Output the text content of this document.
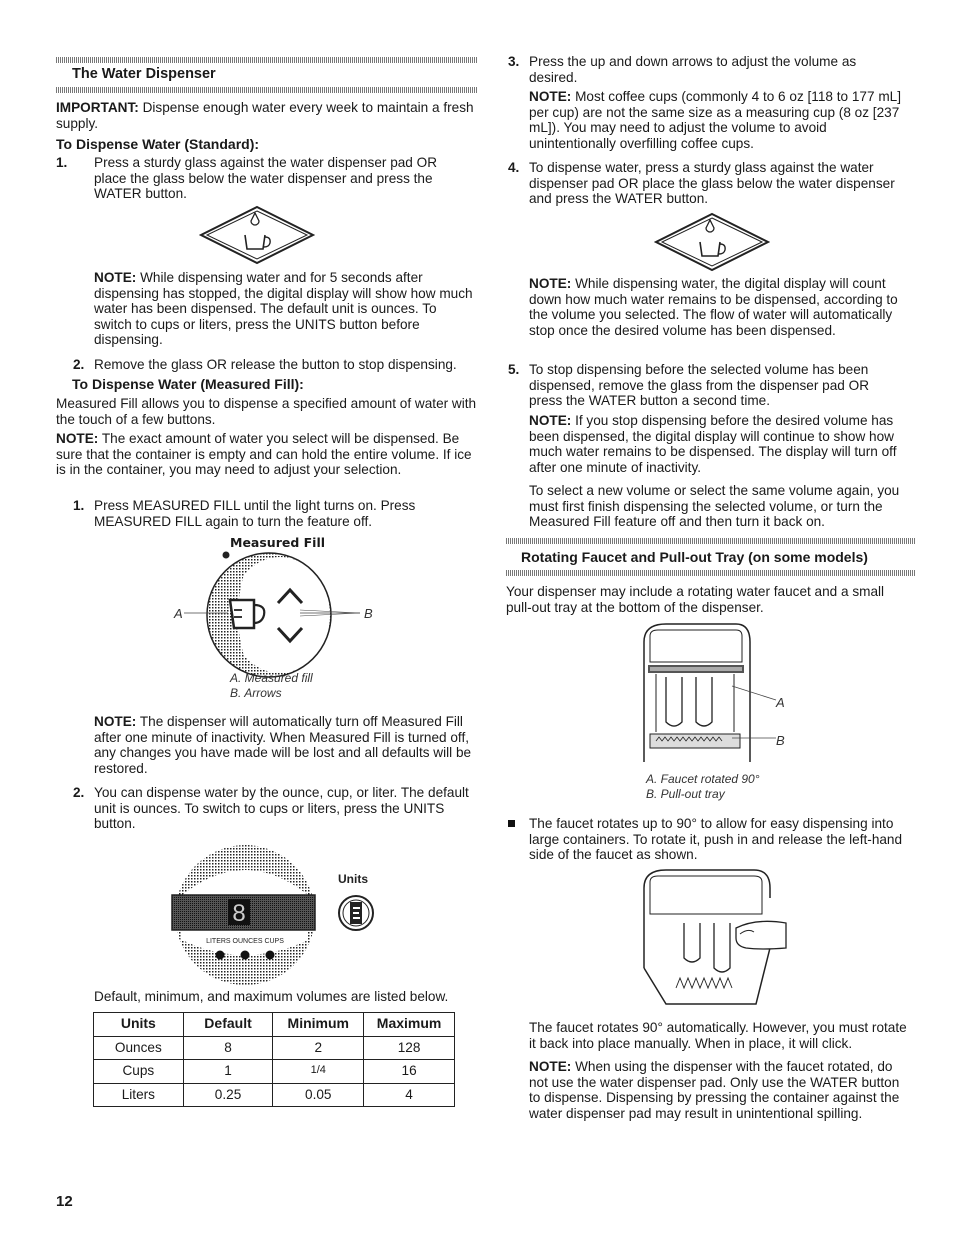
The Water Dispenser
IMPORTANT: Dispense enough water every week to maintain a fresh supply.
To Dispense Water (Standard):
1. Press a sturdy glass against the water dispenser pad OR place the glass below the water dispenser and press the WATER button.
NOTE: While dispensing water and for 5 seconds after dispensing has stopped, the digital display will show how much water has been dispensed. The default unit is ounces. To switch to cups or liters, press the UNITS button before dispensing.
2. Remove the glass OR release the button to stop dispensing.
To Dispense Water (Measured Fill):
Measured Fill allows you to dispense a specified amount of water with the touch of a few buttons.
NOTE: The exact amount of water you select will be dispensed. Be sure that the container is empty and can hold the entire volume. If ice is in the container, you may need to adjust your selection.
1. Press MEASURED FILL until the light turns on. Press MEASURED FILL again to turn the feature off.
Measured Fill
A	B
A. Measured fill
B. Arrows
NOTE: The dispenser will automatically turn off Measured Fill after one minute of inactivity. When Measured Fill is turned off, any changes you have made will be lost and all defaults will be restored.
2. You can dispense water by the ounce, cup, or liter. The default unit is ounces. To switch to cups or liters, press the UNITS button.
8
LITERS OUNCES CUPS
Units
Default, minimum, and maximum volumes are listed below.
Units	Default	Minimum	Maximum
Ounces	8	2	128
Cups	1	1/4	16
Liters	0.25	0.05	4
12
3. Press the up and down arrows to adjust the volume as desired.
NOTE: Most coffee cups (commonly 4 to 6 oz [118 to 177 mL] per cup) are not the same size as a measuring cup (8 oz [237 mL]). You may need to adjust the volume to avoid unintentionally overfilling coffee cups.
4. To dispense water, press a sturdy glass against the water dispenser pad OR place the glass below the water dispenser and press the WATER button.
NOTE: While dispensing water, the digital display will count down how much water remains to be dispensed, according to the volume you selected. The flow of water will automatically stop once the desired volume has been dispensed.
5. To stop dispensing before the selected volume has been dispensed, remove the glass from the dispenser pad OR press the WATER button a second time.
NOTE: If you stop dispensing before the desired volume has been dispensed, the digital display will continue to show how much water remains to be dispensed. The display will turn off after one minute of inactivity.
To select a new volume or select the same volume again, you must first finish dispensing the selected volume, or turn the Measured Fill feature off and then turn it back on.
Rotating Faucet and Pull-out Tray (on some models)
Your dispenser may include a rotating water faucet and a small pull-out tray at the bottom of the dispenser.
A
B
A. Faucet rotated 90°
B. Pull-out tray
The faucet rotates up to 90° to allow for easy dispensing into large containers. To rotate it, push in and release the left-hand side of the faucet as shown.
The faucet rotates 90° automatically. However, you must rotate it back into place manually. When in place, it will click.
NOTE: When using the dispenser with the faucet rotated, do not use the water dispenser pad. Only use the WATER button to dispense. Dispensing by pressing the container against the water dispenser pad may result in unintentional spilling.
